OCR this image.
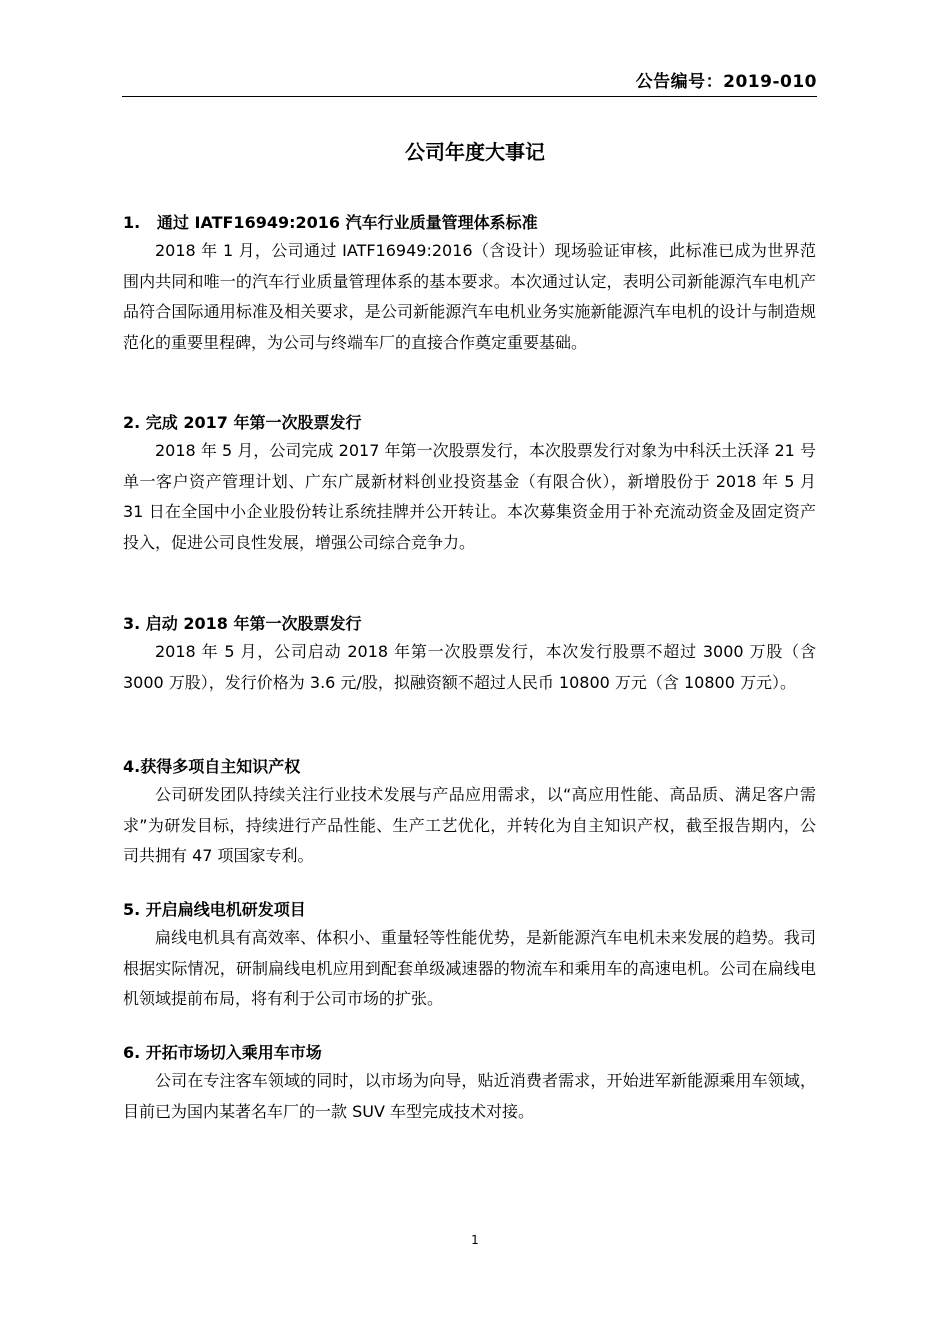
公告编号：2019-010
公司年度大事记
1.   通过 IATF16949:2016 汽车行业质量管理体系标准
2018 年 1 月，公司通过 IATF16949:2016（含设计）现场验证审核，此标准已成为世界范围内共同和唯一的汽车行业质量管理体系的基本要求。本次通过认定，表明公司新能源汽车电机产品符合国际通用标准及相关要求，是公司新能源汽车电机业务实施新能源汽车电机的设计与制造规范化的重要里程碑，为公司与终端车厂的直接合作奠定重要基础。
2. 完成 2017 年第一次股票发行
2018 年 5 月，公司完成 2017 年第一次股票发行，本次股票发行对象为中科沃土沃泽 21 号单一客户资产管理计划、广东广晟新材料创业投资基金（有限合伙），新增股份于 2018 年 5 月 31 日在全国中小企业股份转让系统挂牌并公开转让。本次募集资金用于补充流动资金及固定资产投入，促进公司良性发展，增强公司综合竞争力。
3. 启动 2018 年第一次股票发行
2018 年 5 月，公司启动 2018 年第一次股票发行，本次发行股票不超过 3000 万股（含 3000 万股），发行价格为 3.6 元/股，拟融资额不超过人民币 10800 万元（含 10800 万元）。
4.获得多项自主知识产权
公司研发团队持续关注行业技术发展与产品应用需求，以“高应用性能、高品质、满足客户需求”为研发目标，持续进行产品性能、生产工艺优化，并转化为自主知识产权，截至报告期内，公司共拥有 47 项国家专利。
5. 开启扁线电机研发项目
扁线电机具有高效率、体积小、重量轻等性能优势，是新能源汽车电机未来发展的趋势。我司根据实际情况，研制扁线电机应用到配套单级减速器的物流车和乘用车的高速电机。公司在扁线电机领域提前布局，将有利于公司市场的扩张。
6. 开拓市场切入乘用车市场
公司在专注客车领域的同时，以市场为向导，贴近消费者需求，开始进军新能源乘用车领域，目前已为国内某著名车厂的一款 SUV 车型完成技术对接。
1
